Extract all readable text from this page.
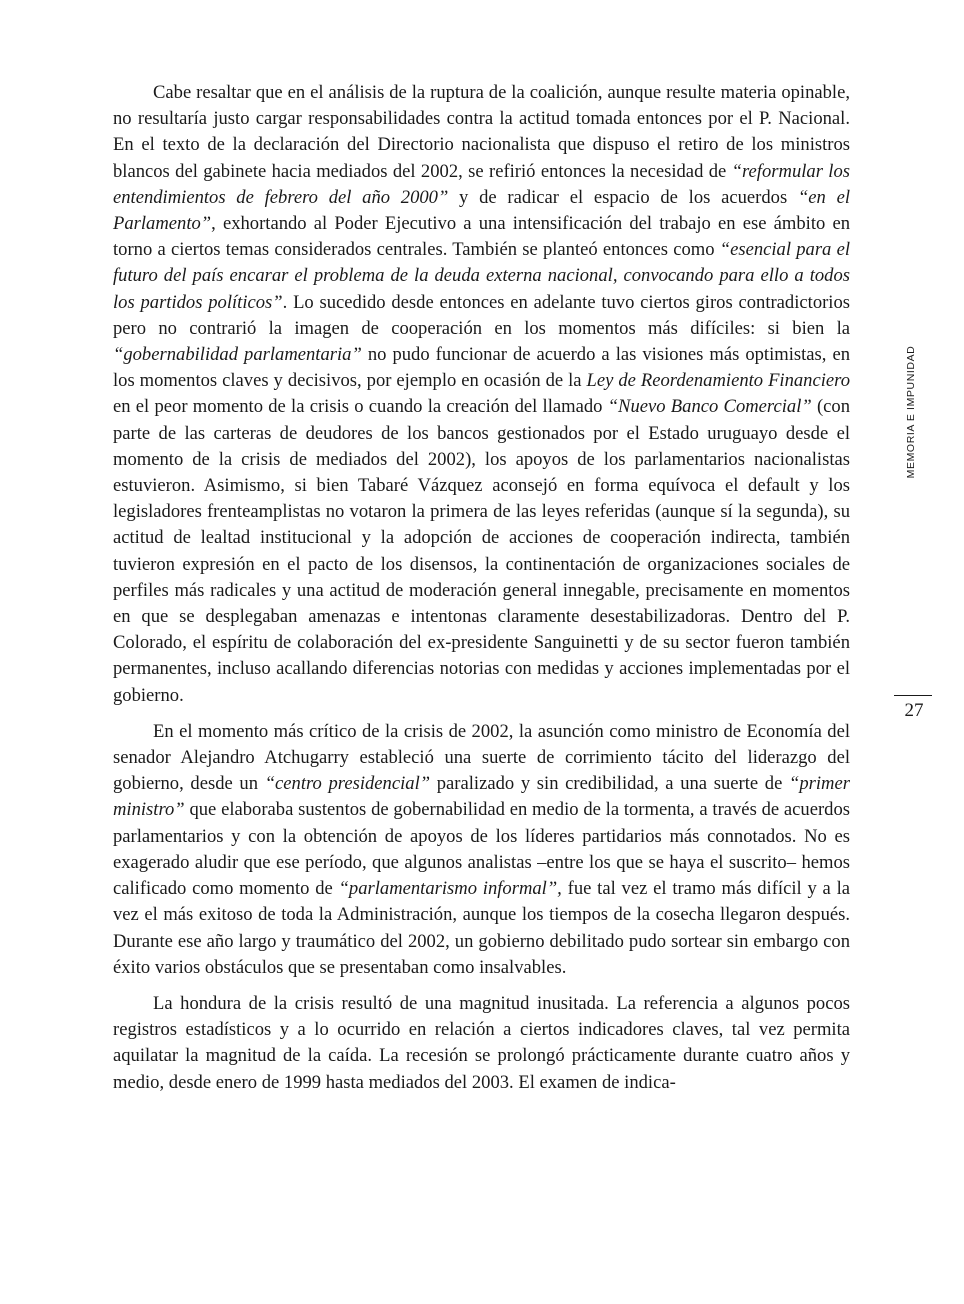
Cabe resaltar que en el análisis de la ruptura de la coalición, aunque resulte materia opinable, no resultaría justo cargar responsabilidades contra la actitud tomada entonces por el P. Nacional. En el texto de la declaración del Directorio nacionalista que dispuso el retiro de los ministros blancos del gabinete hacia mediados del 2002, se refirió entonces la necesidad de “reformular los entendimientos de febrero del año 2000” y de radicar el espacio de los acuerdos “en el Parlamento”, exhortando al Poder Ejecutivo a una intensificación del trabajo en ese ámbito en torno a ciertos temas considerados centrales. También se planteó entonces como “esencial para el futuro del país encarar el problema de la deuda externa nacional, convocando para ello a todos los partidos políticos”. Lo sucedido desde entonces en adelante tuvo ciertos giros contradictorios pero no contrarió la imagen de cooperación en los momentos más difíciles: si bien la “gobernabilidad parlamentaria” no pudo funcionar de acuerdo a las visiones más optimistas, en los momentos claves y decisivos, por ejemplo en ocasión de la Ley de Reordenamiento Financiero en el peor momento de la crisis o cuando la creación del llamado “Nuevo Banco Comercial” (con parte de las carteras de deudores de los bancos gestionados por el Estado uruguayo desde el momento de la crisis de mediados del 2002), los apoyos de los parlamentarios nacionalistas estuvieron. Asimismo, si bien Tabaré Vázquez aconsejó en forma equívoca el default y los legisladores frenteamplistas no votaron la primera de las leyes referidas (aunque sí la segunda), su actitud de lealtad institucional y la adopción de acciones de cooperación indirecta, también tuvieron expresión en el pacto de los disensos, la continentación de organizaciones sociales de perfiles más radicales y una actitud de moderación general innegable, precisamente en momentos en que se desplegaban amenazas e intentonas claramente desestabilizadoras. Dentro del P. Colorado, el espíritu de colaboración del ex-presidente Sanguinetti y de su sector fueron también permanentes, incluso acallando diferencias notorias con medidas y acciones implementadas por el gobierno.

En el momento más crítico de la crisis de 2002, la asunción como ministro de Economía del senador Alejandro Atchugarry estableció una suerte de corrimiento tácito del liderazgo del gobierno, desde un “centro presidencial” paralizado y sin credibilidad, a una suerte de “primer ministro” que elaboraba sustentos de gobernabilidad en medio de la tormenta, a través de acuerdos parlamentarios y con la obtención de apoyos de los líderes partidarios más connotados. No es exagerado aludir que ese período, que algunos analistas –entre los que se haya el suscrito– hemos calificado como momento de “parlamentarismo informal”, fue tal vez el tramo más difícil y a la vez el más exitoso de toda la Administración, aunque los tiempos de la cosecha llegaron después. Durante ese año largo y traumático del 2002, un gobierno debilitado pudo sortear sin embargo con éxito varios obstáculos que se presentaban como insalvables.

La hondura de la crisis resultó de una magnitud inusitada. La referencia a algunos pocos registros estadísticos y a lo ocurrido en relación a ciertos indicadores claves, tal vez permita aquilatar la magnitud de la caída. La recesión se prolongó prácticamente durante cuatro años y medio, desde enero de 1999 hasta mediados del 2003. El examen de indica-

MEMORIA E IMPUNIDAD
27
